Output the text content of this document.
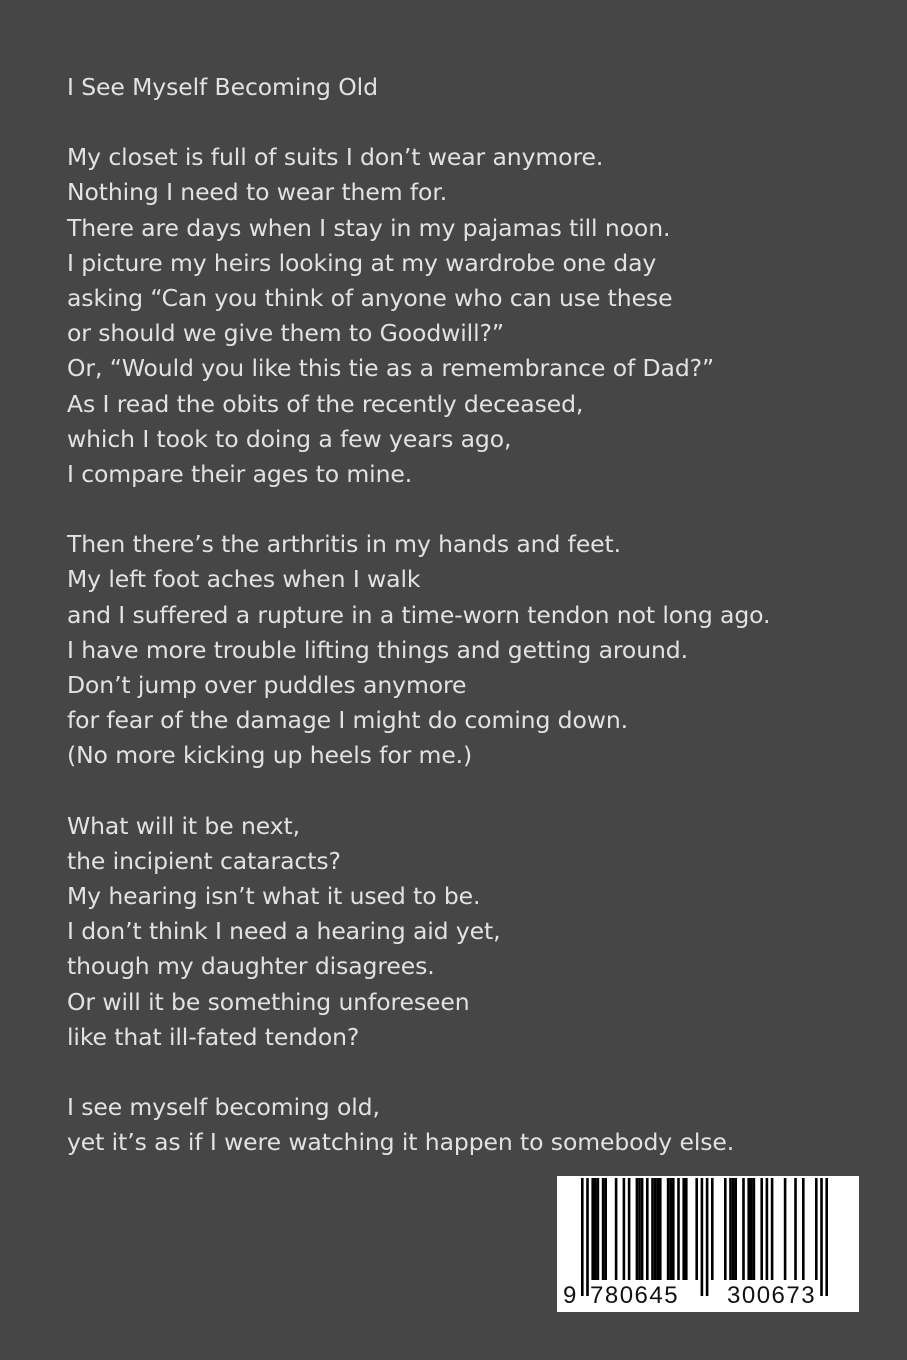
I See Myself Becoming Old
My closet is full of suits I don’t wear anymore.
Nothing I need to wear them for.
There are days when I stay in my pajamas till noon.
I picture my heirs looking at my wardrobe one day
asking “Can you think of anyone who can use these
or should we give them to Goodwill?”
Or, “Would you like this tie as a remembrance of Dad?”
As I read the obits of the recently deceased,
which I took to doing a few years ago,
I compare their ages to mine.
Then there’s the arthritis in my hands and feet.
My left foot aches when I walk
and I suffered a rupture in a time-worn tendon not long ago.
I have more trouble lifting things and getting around.
Don’t jump over puddles anymore
for fear of the damage I might do coming down.
(No more kicking up heels for me.)
What will it be next,
the incipient cataracts?
My hearing isn’t what it used to be.
I don’t think I need a hearing aid yet,
though my daughter disagrees.
Or will it be something unforeseen
like that ill-fated tendon?
I see myself becoming old,
yet it’s as if I were watching it happen to somebody else.
9 780645 300673
